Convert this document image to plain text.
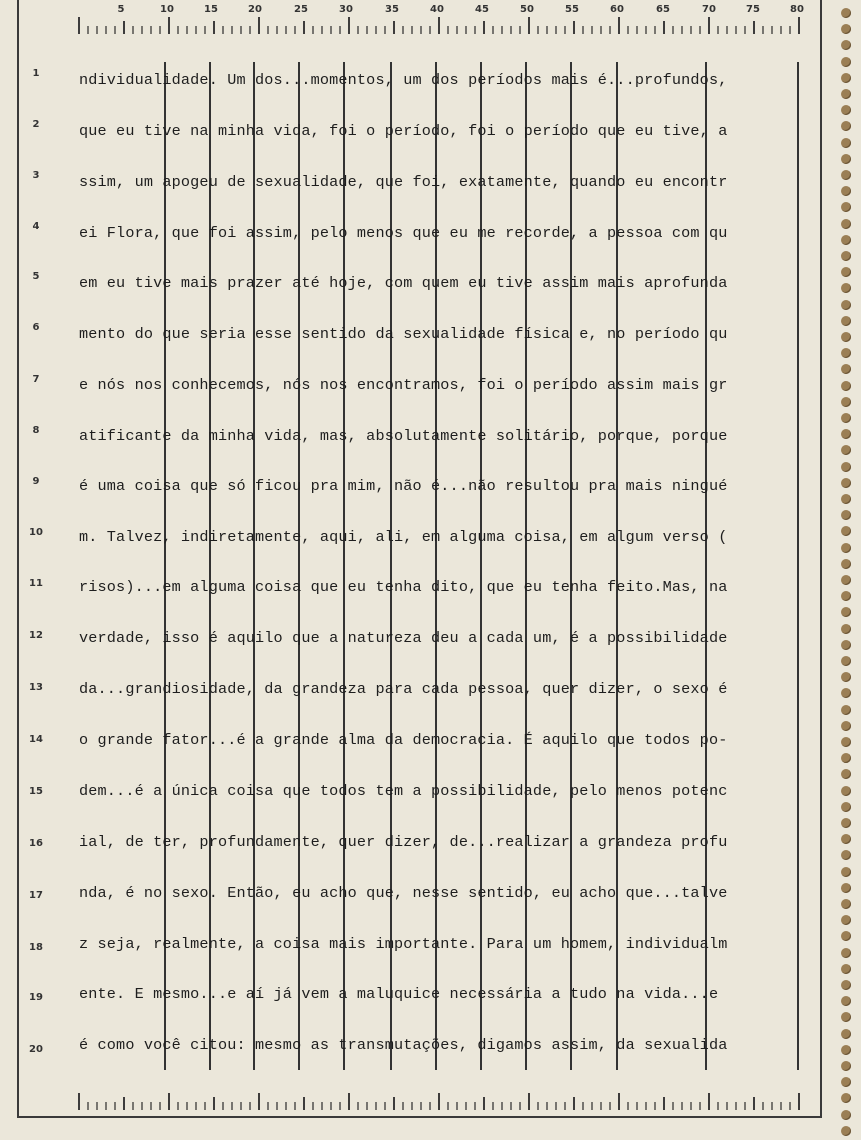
5	10	15	20	25	30	35	40	45	50	55	60	65	70	75	80
1
2
3
4
5
6
7
8
9
10
11
12
13
14
15
16
17
18
19
20
ndividualidade. Um dos...momentos, um dos períodos mais é...profundos,
que eu tive na minha vida, foi o período, foi o período que eu tive, a
ssim, um apogeu de sexualidade, que foi, exatamente, quando eu encontr
ei Flora, que foi assim, pelo menos que eu me recorde, a pessoa com qu
em eu tive mais prazer até hoje, com quem eu tive assim mais aprofunda
mento do que seria esse sentido da sexualidade física e, no período qu
e nós nos conhecemos, nós nos encontramos, foi o período assim mais gr
atificante da minha vida, mas, absolutamente solitário, porque, porque
é uma coisa que só ficou pra mim, não é...não resultou pra mais ningué
m. Talvez, indiretamente, aqui, ali, em alguma coisa, em algum verso (
risos)...em alguma coisa que eu tenha dito, que eu tenha feito.Mas, na
verdade, isso é aquilo que a natureza deu a cada um, é a possibilidade
da...grandiosidade, da grandeza para cada pessoa, quer dizer, o sexo é
o grande fator...é a grande alma da democracia. É aquilo que todos po-
dem...é a única coisa que todos tem a possibilidade, pelo menos potenc
ial, de ter, profundamente, quer dizer, de...realizar a grandeza profu
nda, é no sexo. Então, eu acho que, nesse sentido, eu acho que...talve
z seja, realmente, a coisa mais importante. Para um homem, individualm
ente. E mesmo...e aí já vem a maluquice necessária a tudo na vida...e
é como você citou: mesmo as transmutações, digamos assim, da sexualida
